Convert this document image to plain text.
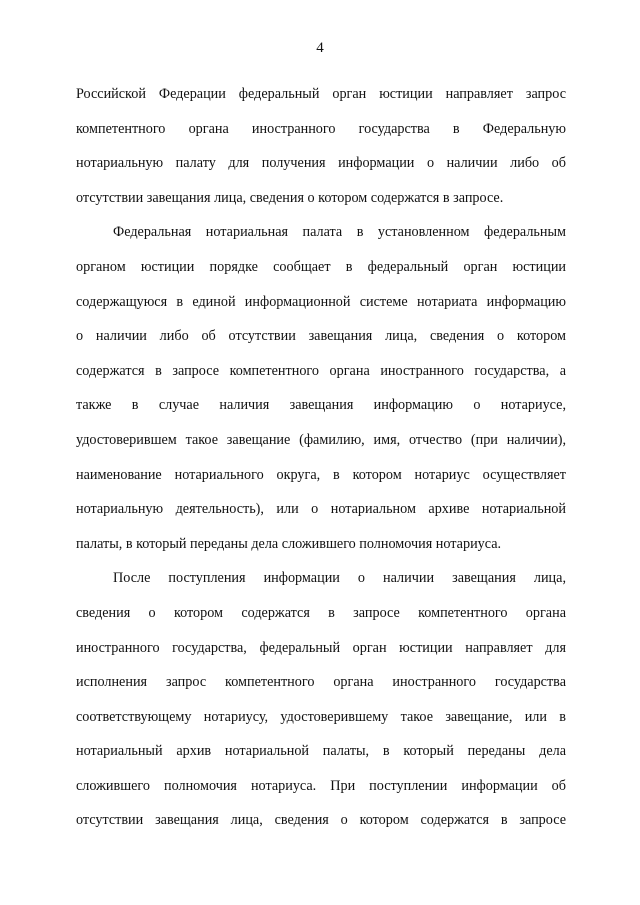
4
Российской Федерации федеральный орган юстиции направляет запрос
компетентного органа иностранного государства в Федеральную
нотариальную палату для получения информации о наличии либо об
отсутствии завещания лица, сведения о котором содержатся в запросе.
Федеральная нотариальная палата в установленном федеральным
органом юстиции порядке сообщает в федеральный орган юстиции
содержащуюся в единой информационной системе нотариата информацию
о наличии либо об отсутствии завещания лица, сведения о котором
содержатся в запросе компетентного органа иностранного государства, а
также в случае наличия завещания информацию о нотариусе,
удостоверившем такое завещание (фамилию, имя, отчество (при наличии),
наименование нотариального округа, в котором нотариус осуществляет
нотариальную деятельность), или о нотариальном архиве нотариальной
палаты, в который переданы дела сложившего полномочия нотариуса.
После поступления информации о наличии завещания лица,
сведения о котором содержатся в запросе компетентного органа
иностранного государства, федеральный орган юстиции направляет для
исполнения запрос компетентного органа иностранного государства
соответствующему нотариусу, удостоверившему такое завещание, или в
нотариальный архив нотариальной палаты, в который переданы дела
сложившего полномочия нотариуса. При поступлении информации об
отсутствии завещания лица, сведения о котором содержатся в запросе
